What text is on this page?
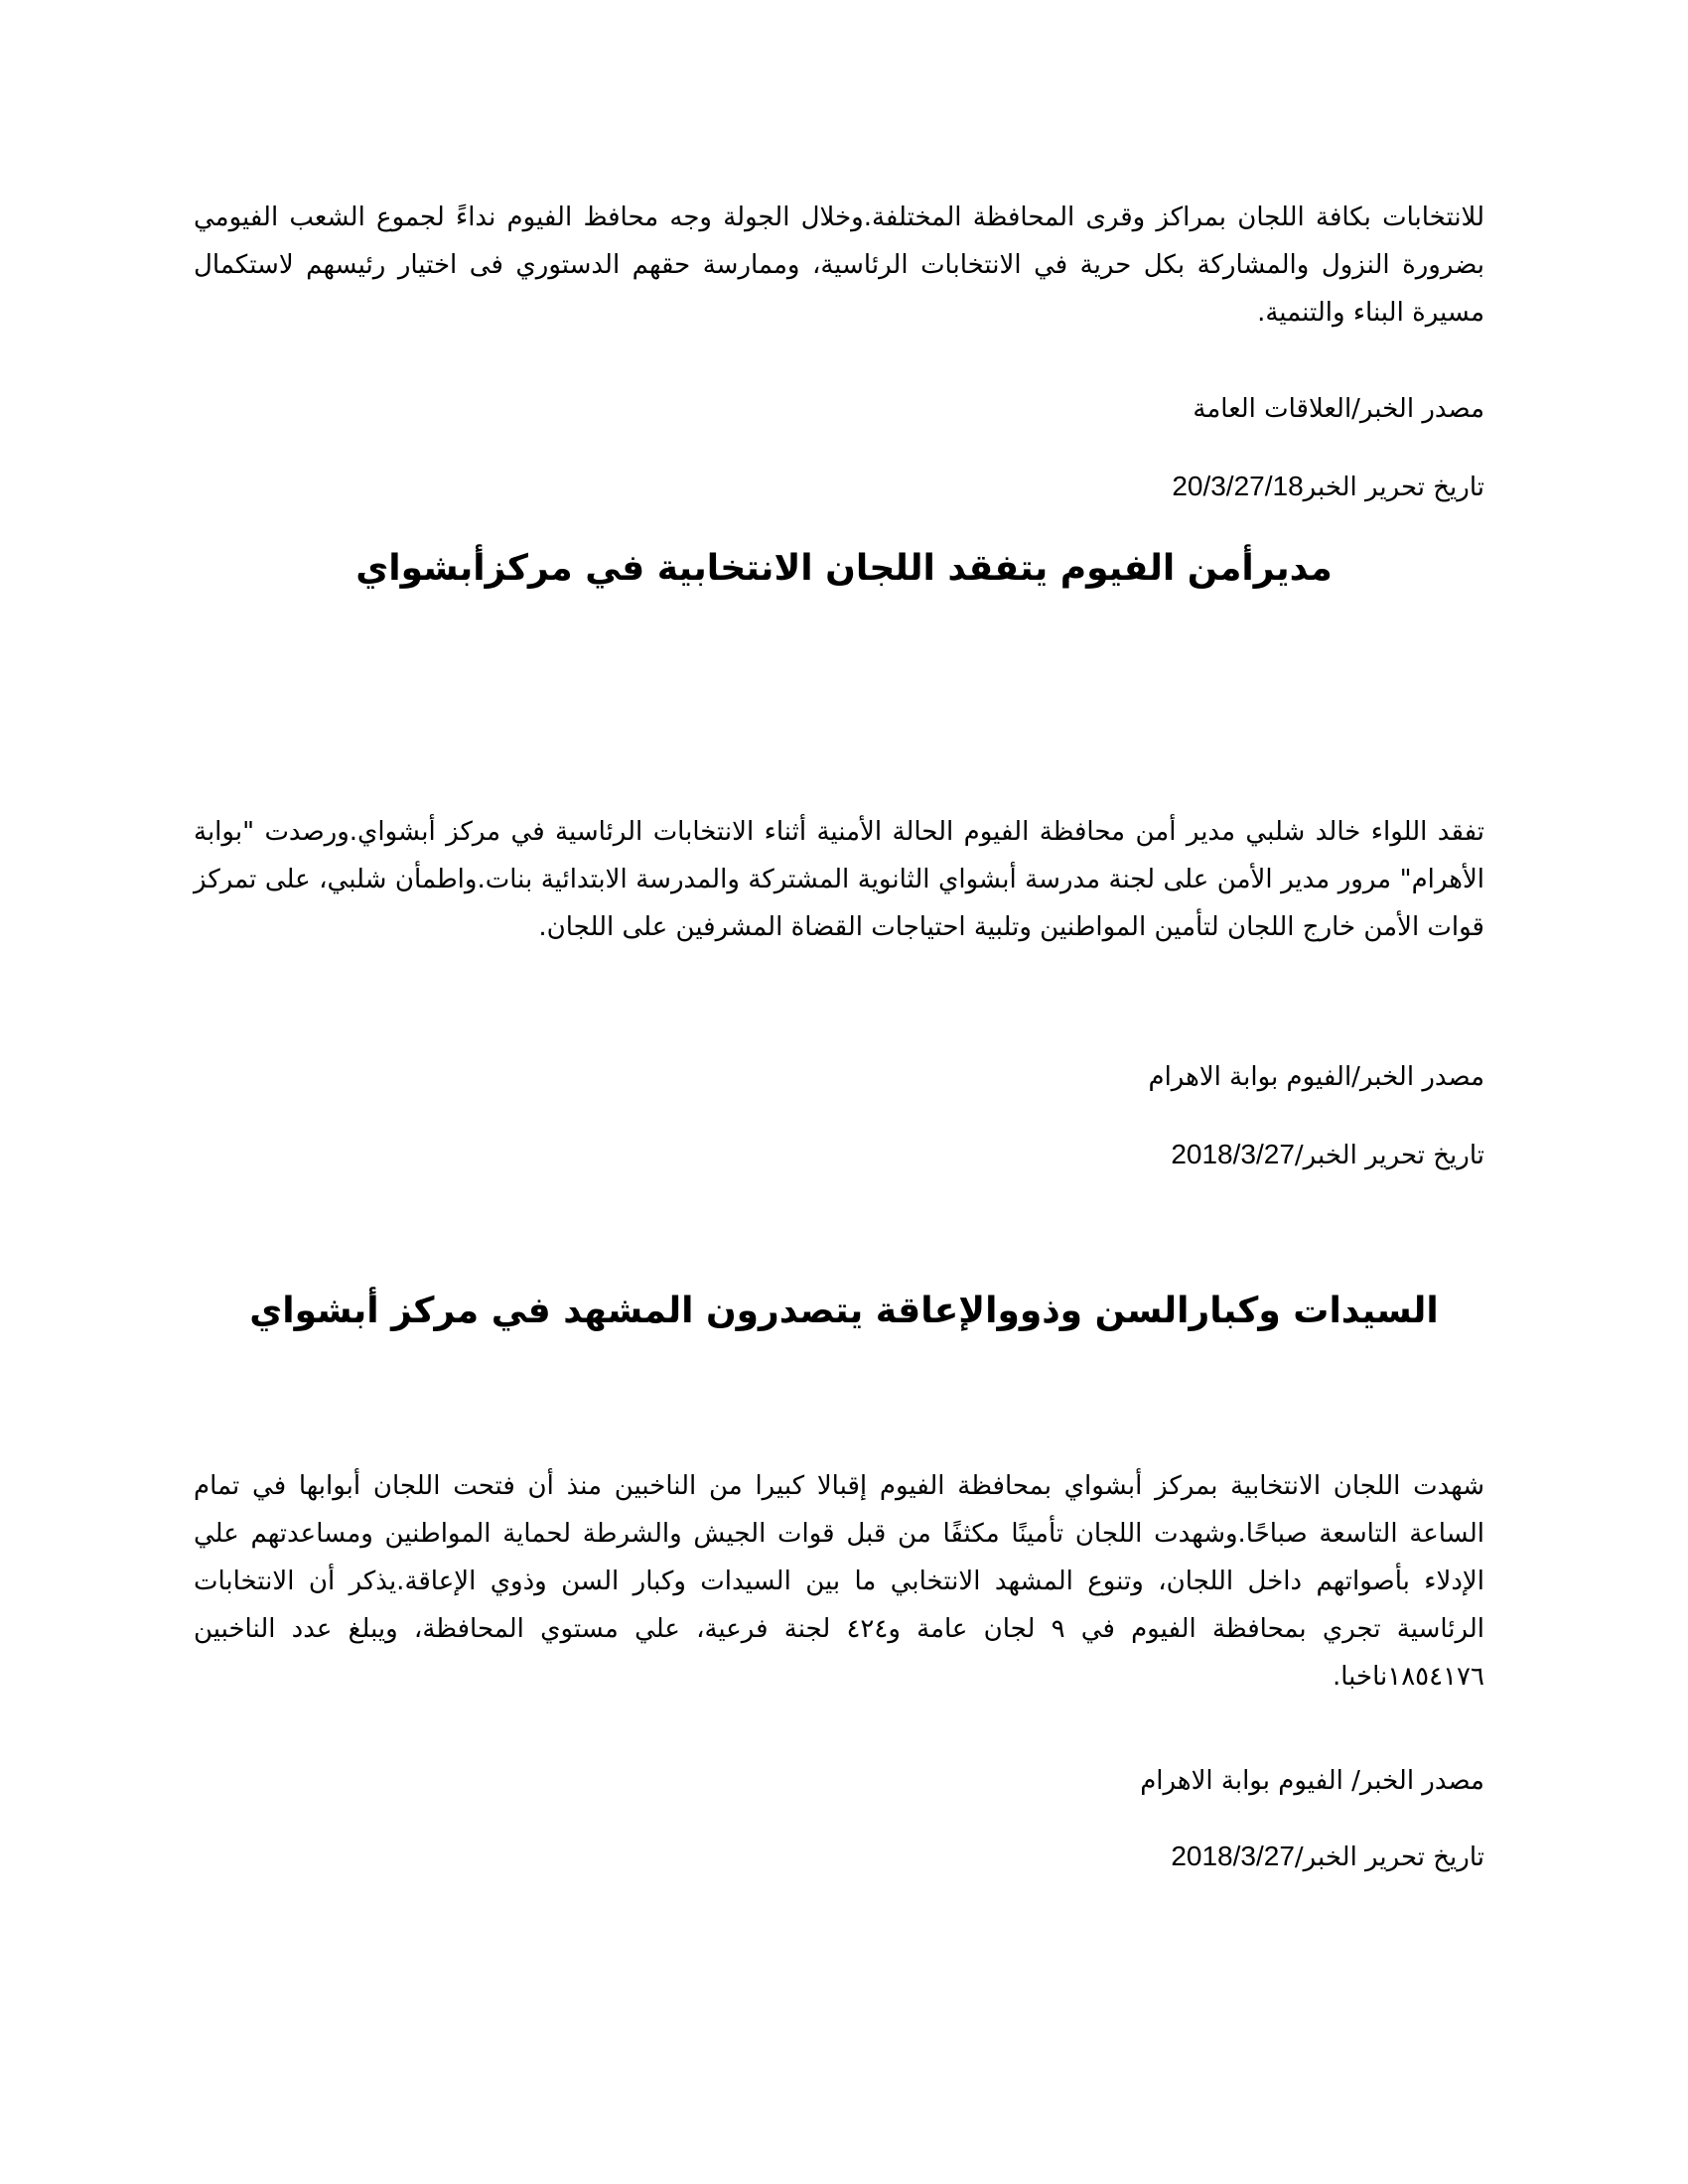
للانتخابات بكافة اللجان بمراكز وقرى المحافظة المختلفة.وخلال الجولة وجه محافظ الفيوم نداءً لجموع الشعب الفيومي بضرورة النزول والمشاركة بكل حرية في الانتخابات الرئاسية، وممارسة حقهم الدستوري فى اختيار رئيسهم لاستكمال مسيرة البناء والتنمية.

مصدر الخبر/العلاقات العامة

تاريخ تحرير الخبر20/3/27/18

مديرأمن الفيوم يتفقد اللجان الانتخابية في مركزأبشواي

تفقد اللواء خالد شلبي مدير أمن محافظة الفيوم الحالة الأمنية أثناء الانتخابات الرئاسية في مركز أبشواي.ورصدت "بوابة الأهرام" مرور مدير الأمن على لجنة مدرسة أبشواي الثانوية المشتركة والمدرسة الابتدائية بنات.واطمأن شلبي، على تمركز قوات الأمن خارج اللجان لتأمين المواطنين وتلبية احتياجات القضاة المشرفين على اللجان.

مصدر الخبر/الفيوم بوابة الاهرام

تاريخ تحرير الخبر/2018/3/27

السيدات وكبارالسن وذووالإعاقة يتصدرون المشهد في مركز أبشواي

شهدت اللجان الانتخابية بمركز أبشواي بمحافظة الفيوم إقبالا كبيرا من الناخبين منذ أن فتحت اللجان أبوابها في تمام الساعة التاسعة صباحًا.وشهدت اللجان تأمينًا مكثفًا من قبل قوات الجيش والشرطة لحماية المواطنين ومساعدتهم علي الإدلاء بأصواتهم داخل اللجان، وتنوع المشهد الانتخابي ما بين السيدات وكبار السن وذوي الإعاقة.يذكر أن الانتخابات الرئاسية تجري بمحافظة الفيوم في ٩ لجان عامة و٤٢٤ لجنة فرعية، علي مستوي المحافظة، ويبلغ عدد الناخبين ١٨٥٤١٧٦ناخبا.

مصدر الخبر/ الفيوم بوابة الاهرام

تاريخ تحرير الخبر/2018/3/27
